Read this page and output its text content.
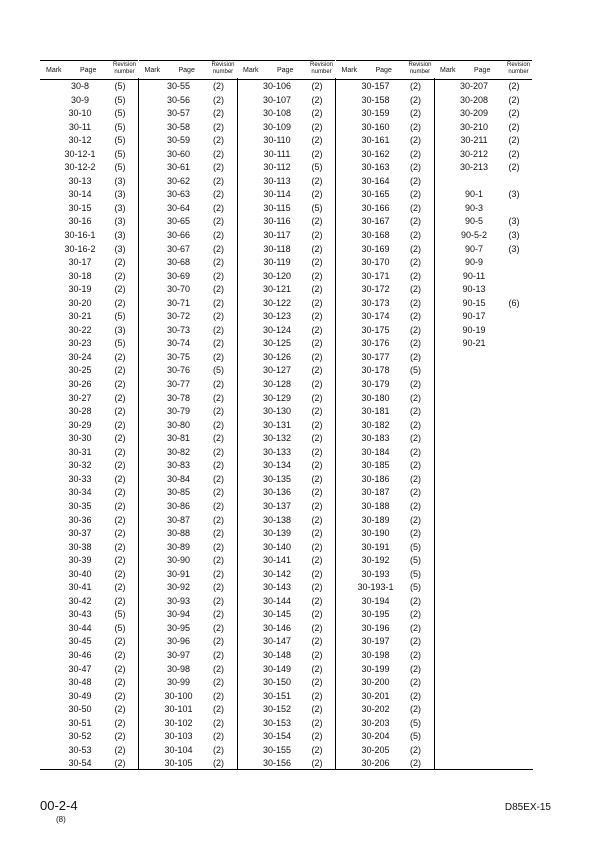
Mark	Page
Revision
number
30-8	(5)
30-9	(5)
30-10	(5)
30-11	(5)
30-12	(5)
30-12-1	(5)
30-12-2	(5)
30-13	(3)
30-14	(3)
30-15	(3)
30-16	(3)
30-16-1	(3)
30-16-2	(3)
30-17	(2)
30-18	(2)
30-19	(2)
30-20	(2)
30-21	(5)
30-22	(3)
30-23	(5)
30-24	(2)
30-25	(2)
30-26	(2)
30-27	(2)
30-28	(2)
30-29	(2)
30-30	(2)
30-31	(2)
30-32	(2)
30-33	(2)
30-34	(2)
30-35	(2)
30-36	(2)
30-37	(2)
30-38	(2)
30-39	(2)
30-40	(2)
30-41	(2)
30-42	(2)
30-43	(5)
30-44	(5)
30-45	(2)
30-46	(2)
30-47	(2)
30-48	(2)
30-49	(2)
30-50	(2)
30-51	(2)
30-52	(2)
30-53	(2)
30-54	(2)
Mark	Page
Revision
number
30-55	(2)
30-56	(2)
30-57	(2)
30-58	(2)
30-59	(2)
30-60	(2)
30-61	(2)
30-62	(2)
30-63	(2)
30-64	(2)
30-65	(2)
30-66	(2)
30-67	(2)
30-68	(2)
30-69	(2)
30-70	(2)
30-71	(2)
30-72	(2)
30-73	(2)
30-74	(2)
30-75	(2)
30-76	(5)
30-77	(2)
30-78	(2)
30-79	(2)
30-80	(2)
30-81	(2)
30-82	(2)
30-83	(2)
30-84	(2)
30-85	(2)
30-86	(2)
30-87	(2)
30-88	(2)
30-89	(2)
30-90	(2)
30-91	(2)
30-92	(2)
30-93	(2)
30-94	(2)
30-95	(2)
30-96	(2)
30-97	(2)
30-98	(2)
30-99	(2)
30-100	(2)
30-101	(2)
30-102	(2)
30-103	(2)
30-104	(2)
30-105	(2)
Mark	Page
Revision
number
30-106	(2)
30-107	(2)
30-108	(2)
30-109	(2)
30-110	(2)
30-111	(2)
30-112	(5)
30-113	(2)
30-114	(2)
30-115	(5)
30-116	(2)
30-117	(2)
30-118	(2)
30-119	(2)
30-120	(2)
30-121	(2)
30-122	(2)
30-123	(2)
30-124	(2)
30-125	(2)
30-126	(2)
30-127	(2)
30-128	(2)
30-129	(2)
30-130	(2)
30-131	(2)
30-132	(2)
30-133	(2)
30-134	(2)
30-135	(2)
30-136	(2)
30-137	(2)
30-138	(2)
30-139	(2)
30-140	(2)
30-141	(2)
30-142	(2)
30-143	(2)
30-144	(2)
30-145	(2)
30-146	(2)
30-147	(2)
30-148	(2)
30-149	(2)
30-150	(2)
30-151	(2)
30-152	(2)
30-153	(2)
30-154	(2)
30-155	(2)
30-156	(2)
Mark	Page
Revision
number
30-157	(2)
30-158	(2)
30-159	(2)
30-160	(2)
30-161	(2)
30-162	(2)
30-163	(2)
30-164	(2)
30-165	(2)
30-166	(2)
30-167	(2)
30-168	(2)
30-169	(2)
30-170	(2)
30-171	(2)
30-172	(2)
30-173	(2)
30-174	(2)
30-175	(2)
30-176	(2)
30-177	(2)
30-178	(5)
30-179	(2)
30-180	(2)
30-181	(2)
30-182	(2)
30-183	(2)
30-184	(2)
30-185	(2)
30-186	(2)
30-187	(2)
30-188	(2)
30-189	(2)
30-190	(2)
30-191	(5)
30-192	(5)
30-193	(5)
30-193-1	(5)
30-194	(2)
30-195	(2)
30-196	(2)
30-197	(2)
30-198	(2)
30-199	(2)
30-200	(2)
30-201	(2)
30-202	(2)
30-203	(5)
30-204	(5)
30-205	(2)
30-206	(2)
Mark	Page
Revision
number
30-207	(2)
30-208	(2)
30-209	(2)
30-210	(2)
30-211	(2)
30-212	(2)
30-213	(2)
90-1	(3)
90-3
90-5	(3)
90-5-2	(3)
90-7	(3)
90-9
90-11
90-13
90-15	(6)
90-17
90-19
90-21
00-2-4
(8)
D85EX-15
